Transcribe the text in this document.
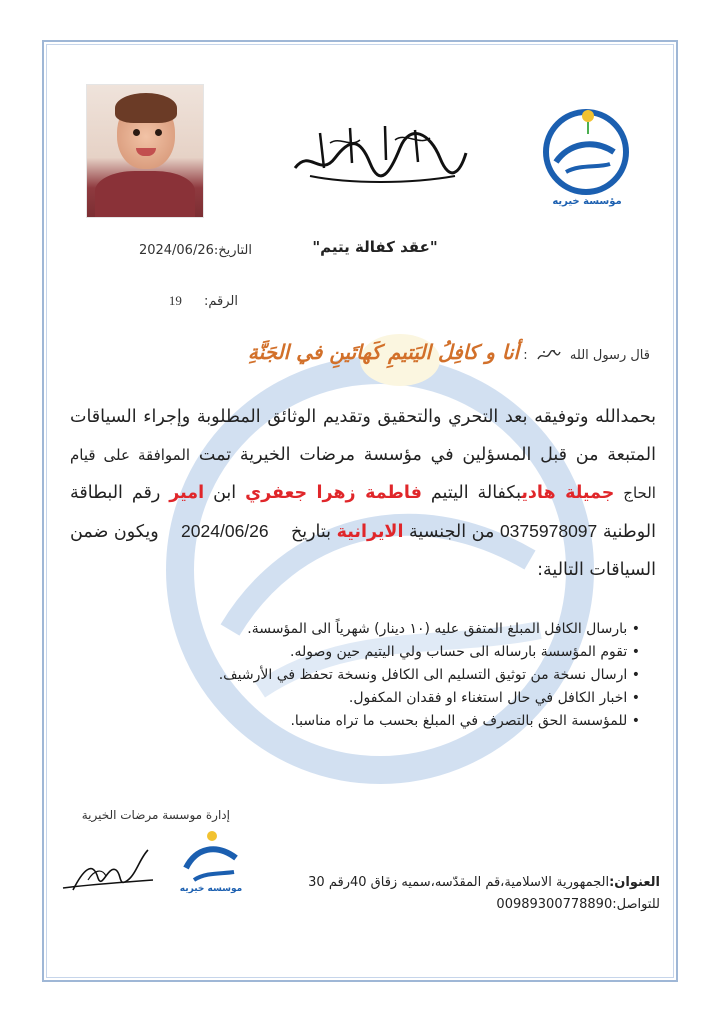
مؤسسة خيريه
"عقد كفالة يتيم"
التاريخ:2024/06/26
الرقم: 19
قال رسول الله  : أنا و كافِلُ اليَتيمِ كَهاتَينِ في الجَنَّةِ
بحمدالله وتوفيقه بعد التحري والتحقيق وتقديم الوثائق المطلوبة وإجراء السياقات المتبعة من قبل المسؤلين في مؤسسة مرضات الخيرية تمت الموافقة على قيام الحاج جميلة هاديبكفالة اليتيم فاطمة زهرا جعفري ابن امير رقم البطاقة الوطنية 0375978097 من الجنسية الايرانية بتاريخ    2024/06/26    ويكون ضمن السياقات التالية:
• بارسال الكافل المبلغ المتفق عليه (١٠ دينار) شهرياً الى المؤسسة.
• تقوم المؤسسة بارساله الى حساب ولي اليتيم حين وصوله.
• ارسال نسخة من توثيق التسليم الى الكافل ونسخة تحفظ في الأرشيف.
• اخبار الكافل في حال استغناء او فقدان المكفول.
• للمؤسسة الحق بالتصرف في المبلغ بحسب ما تراه مناسبا.
إدارة موسسة مرضات الخيرية
موسسه خيريه	العنوان:الجمهورية الاسلامية،قم المقدّسه،سميه زقاق 40رقم 30
للتواصل:00989300778890
